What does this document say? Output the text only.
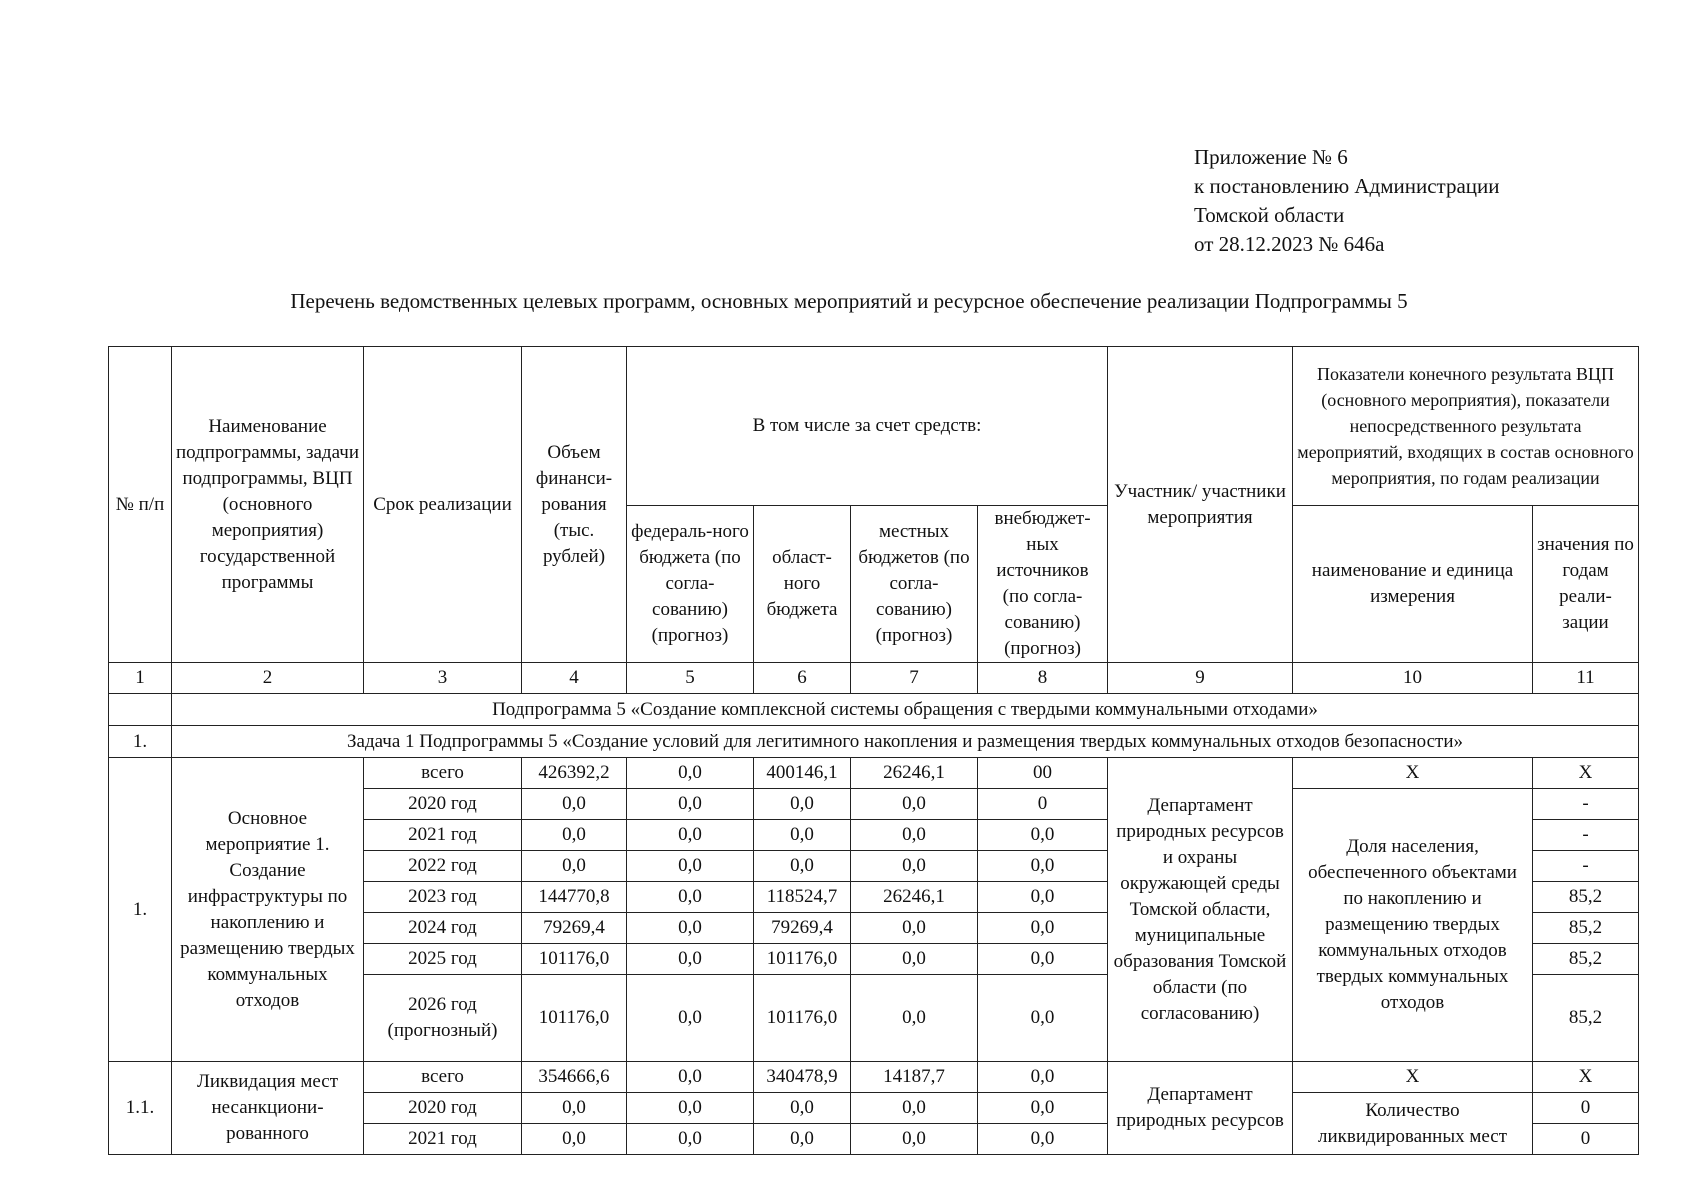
Приложение № 6
к постановлению Администрации
Томской области
от 28.12.2023 № 646а
Перечень ведомственных целевых программ, основных мероприятий и ресурсное обеспечение реализации Подпрограммы 5
№ п/п	Наименование подпрограммы, задачи подпрограммы, ВЦП (основного мероприятия) государственной программы	Срок реализации	Объем финанси-рования (тыс. рублей)	В том числе за счет средств:				Участник/ участники мероприятия	Показатели конечного результата ВЦП (основного мероприятия), показатели непосредственного результата мероприятий, входящих в состав основного мероприятия, по годам реализации	
				федераль-ного бюджета (по согла-сованию) (прогноз)	област-ного бюджета	местных бюджетов (по согла-сованию) (прогноз)	внебюджет-ных источников (по согла-сованию) (прогноз)		наименование и единица измерения	значения по годам реали-зации
1	2	3	4	5	6	7	8	9	10	11
	Подпрограмма 5 «Создание комплексной системы обращения с твердыми коммунальными отходами»									
1.	Задача 1 Подпрограммы 5 «Создание условий для легитимного накопления и размещения твердых коммунальных отходов безопасности»									
1.	Основное мероприятие 1. Создание инфраструктуры по накоплению и размещению твердых коммунальных отходов	всего	426392,2	0,0	400146,1	26246,1	00	Департамент природных ресурсов и охраны окружающей среды Томской области, муниципальные образования Томской области (по согласованию)	Х	Х
		2020 год	0,0	0,0	0,0	0,0	0		Доля населения, обеспеченного объектами по накоплению и размещению твердых коммунальных отходов твердых коммунальных отходов	-
		2021 год	0,0	0,0	0,0	0,0	0,0			-
		2022 год	0,0	0,0	0,0	0,0	0,0			-
		2023 год	144770,8	0,0	118524,7	26246,1	0,0			85,2
		2024 год	79269,4	0,0	79269,4	0,0	0,0			85,2
		2025 год	101176,0	0,0	101176,0	0,0	0,0			85,2
		2026 год (прогнозный)	101176,0	0,0	101176,0	0,0	0,0			85,2
1.1.	Ликвидация мест несанкциони-рованного	всего	354666,6	0,0	340478,9	14187,7	0,0	Департамент природных ресурсов	Х	Х
		2020 год	0,0	0,0	0,0	0,0	0,0		Количество ликвидированных мест	0
		2021 год	0,0	0,0	0,0	0,0	0,0			0
